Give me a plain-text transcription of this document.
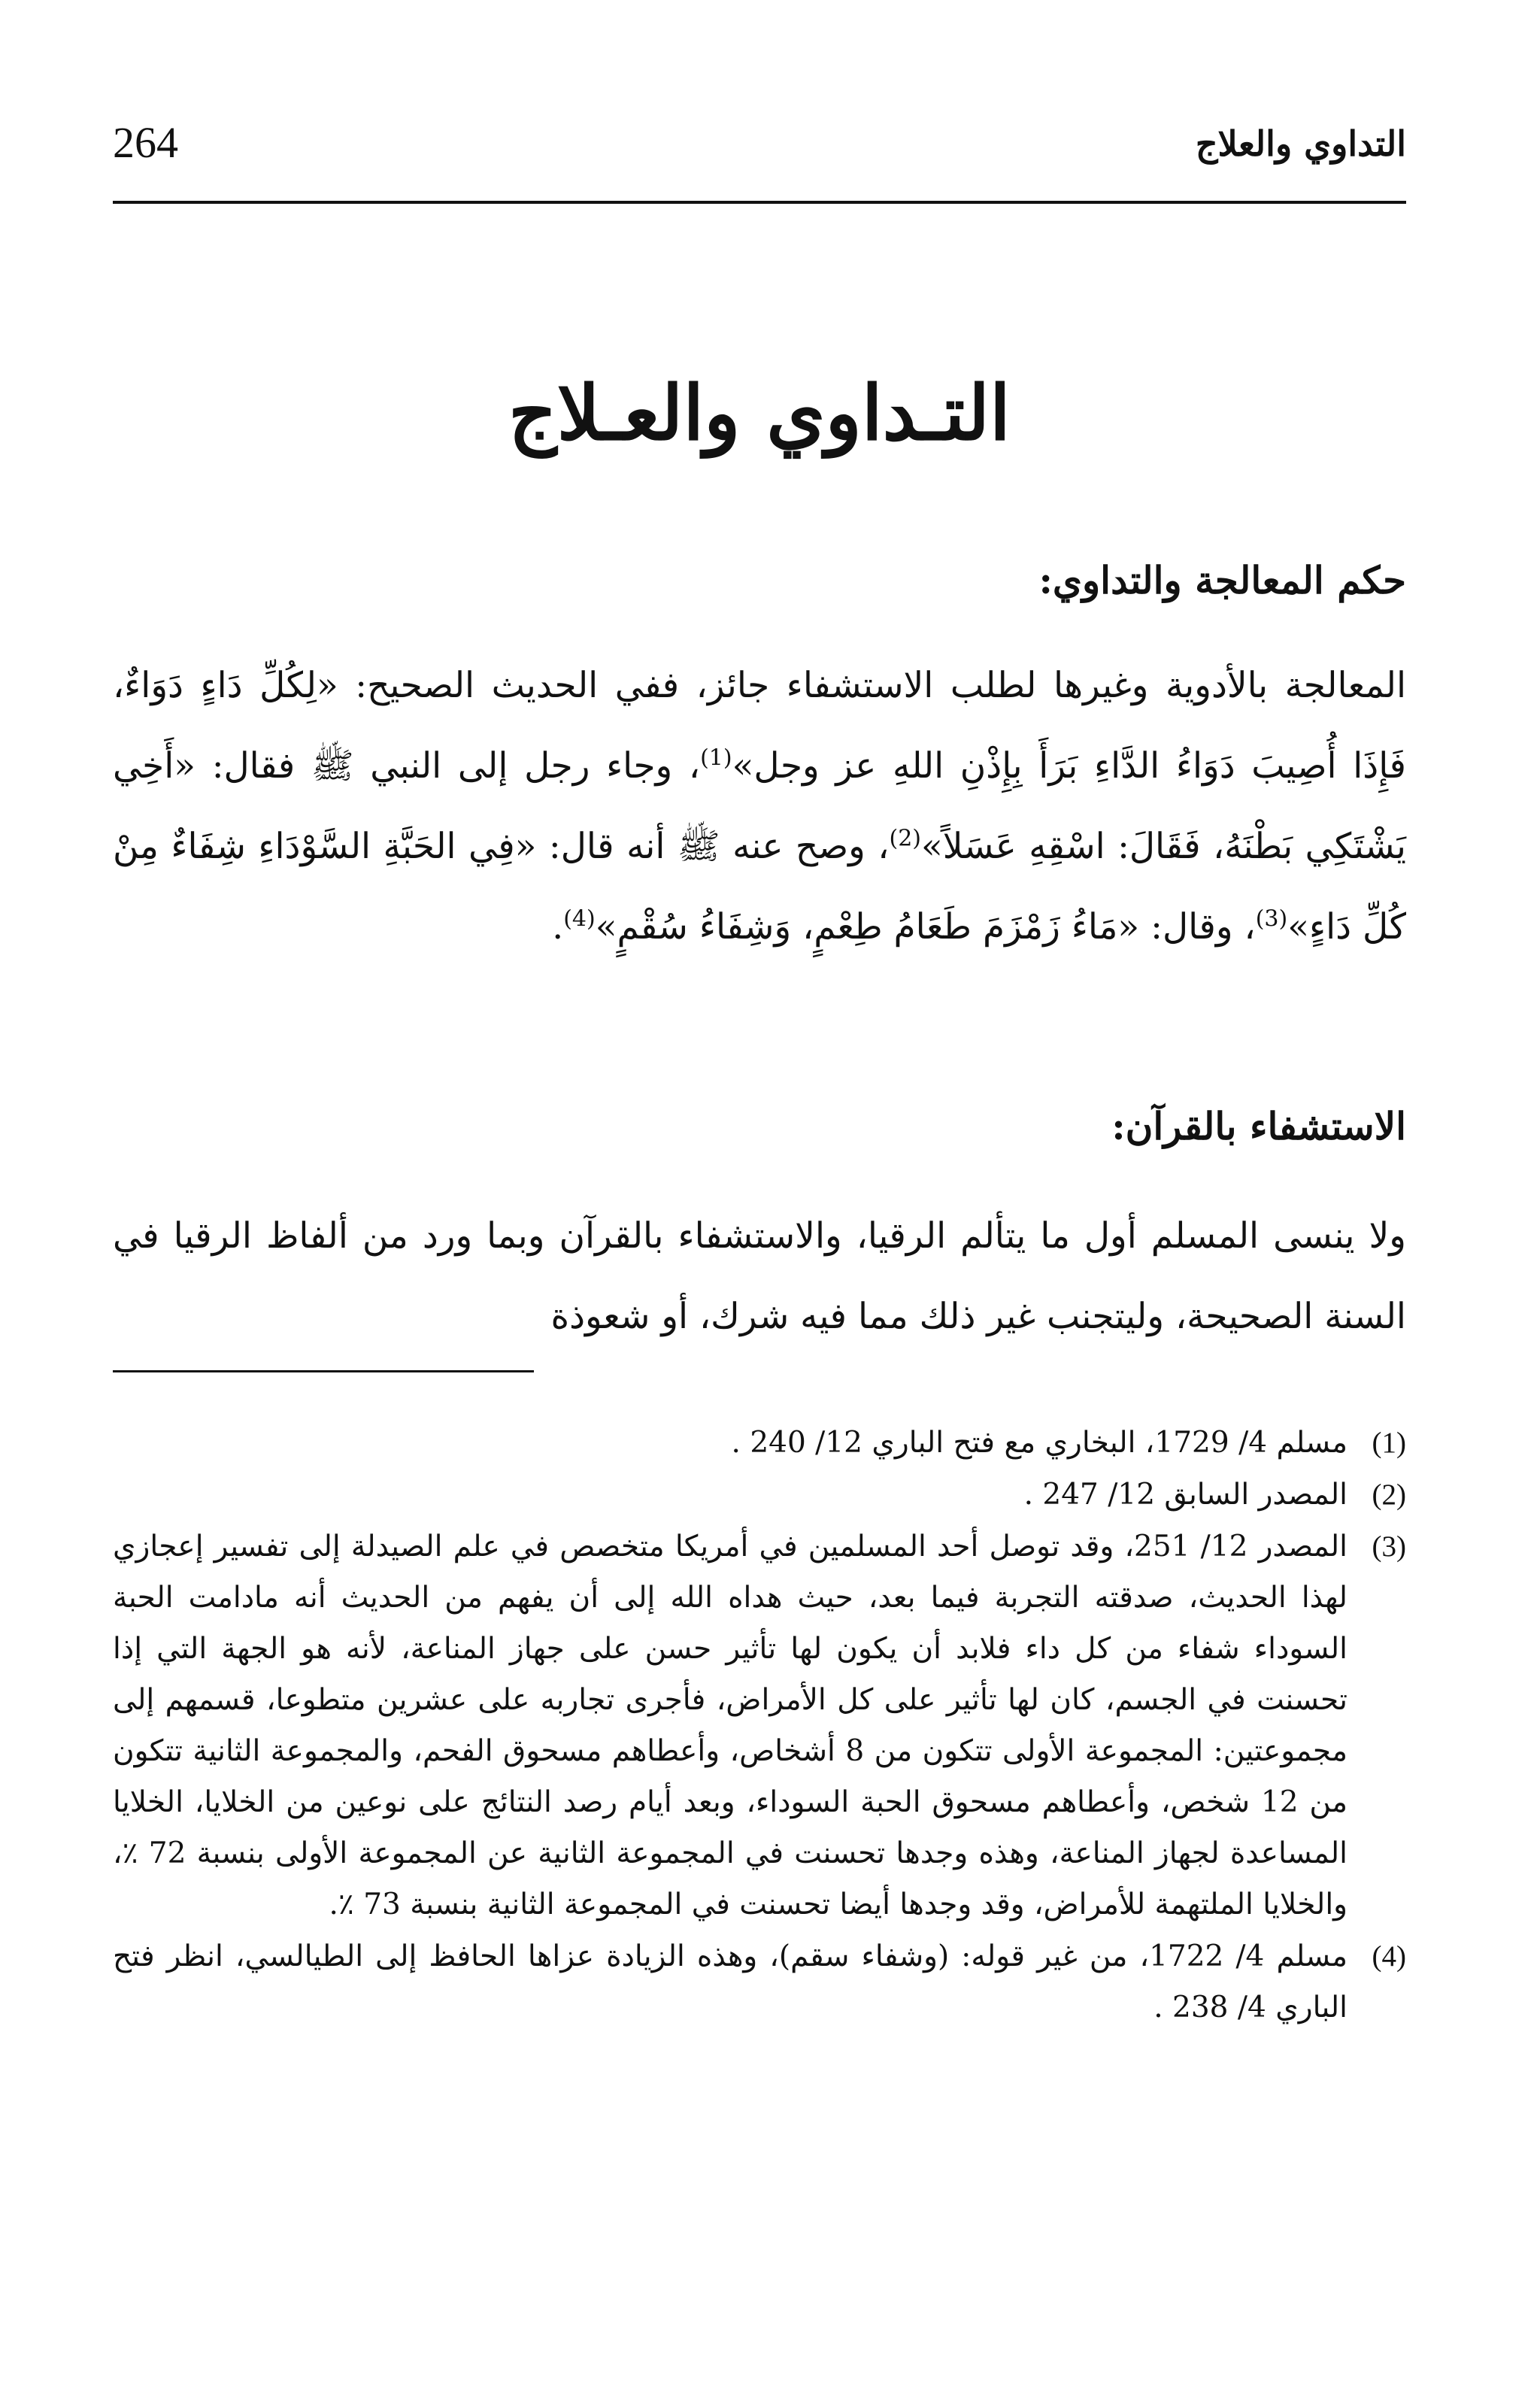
التداوي والعلاج
264
التـداوي والعـلاج
حكم المعالجة والتداوي:

المعالجة بالأدوية وغيرها لطلب الاستشفاء جائز، ففي الحديث الصحيح: «لِكُلِّ دَاءٍ دَوَاءٌ، فَإِذَا أُصِيبَ دَوَاءُ الدَّاءِ بَرَأَ بِإِذْنِ اللهِ عز وجل»$^{(1)}$، وجاء رجل إلى النبي ﷺ فقال: «أَخِي يَشْتَكِي بَطْنَهُ، فَقَالَ: اسْقِهِ عَسَلاً»$^{(2)}$، وصح عنه ﷺ أنه قال: «فِي الحَبَّةِ السَّوْدَاءِ شِفَاءٌ مِنْ كُلِّ دَاءٍ»$^{(3)}$، وقال: «مَاءُ زَمْزَمَ طَعَامُ طِعْمٍ، وَشِفَاءُ سُقْمٍ»$^{(4)}$.

الاستشفاء بالقرآن:

ولا ينسى المسلم أول ما يتألم الرقيا، والاستشفاء بالقرآن وبما ورد من ألفاظ الرقيا في السنة الصحيحة، وليتجنب غير ذلك مما فيه شرك، أو شعوذة

(1)
مسلم 4/ 1729، البخاري مع فتح الباري 12/ 240 .
(2)
المصدر السابق 12/ 247 .
(3)
المصدر 12/ 251، وقد توصل أحد المسلمين في أمريكا متخصص في علم الصيدلة إلى تفسير إعجازي لهذا الحديث، صدقته التجربة فيما بعد، حيث هداه الله إلى أن يفهم من الحديث أنه مادامت الحبة السوداء شفاء من كل داء فلابد أن يكون لها تأثير حسن على جهاز المناعة، لأنه هو الجهة التي إذا تحسنت في الجسم، كان لها تأثير على كل الأمراض، فأجرى تجاربه على عشرين متطوعا، قسمهم إلى مجموعتين: المجموعة الأولى تتكون من 8 أشخاص، وأعطاهم مسحوق الفحم، والمجموعة الثانية تتكون من 12 شخص، وأعطاهم مسحوق الحبة السوداء، وبعد أيام رصد النتائج على نوعين من الخلايا، الخلايا المساعدة لجهاز المناعة، وهذه وجدها تحسنت في المجموعة الثانية عن المجموعة الأولى بنسبة 72 ٪، والخلايا الملتهمة للأمراض، وقد وجدها أيضا تحسنت في المجموعة الثانية بنسبة 73 ٪.
(4)
مسلم 4/ 1722، من غير قوله: (وشفاء سقم)، وهذه الزيادة عزاها الحافظ إلى الطيالسي، انظر فتح الباري 4/ 238 .
